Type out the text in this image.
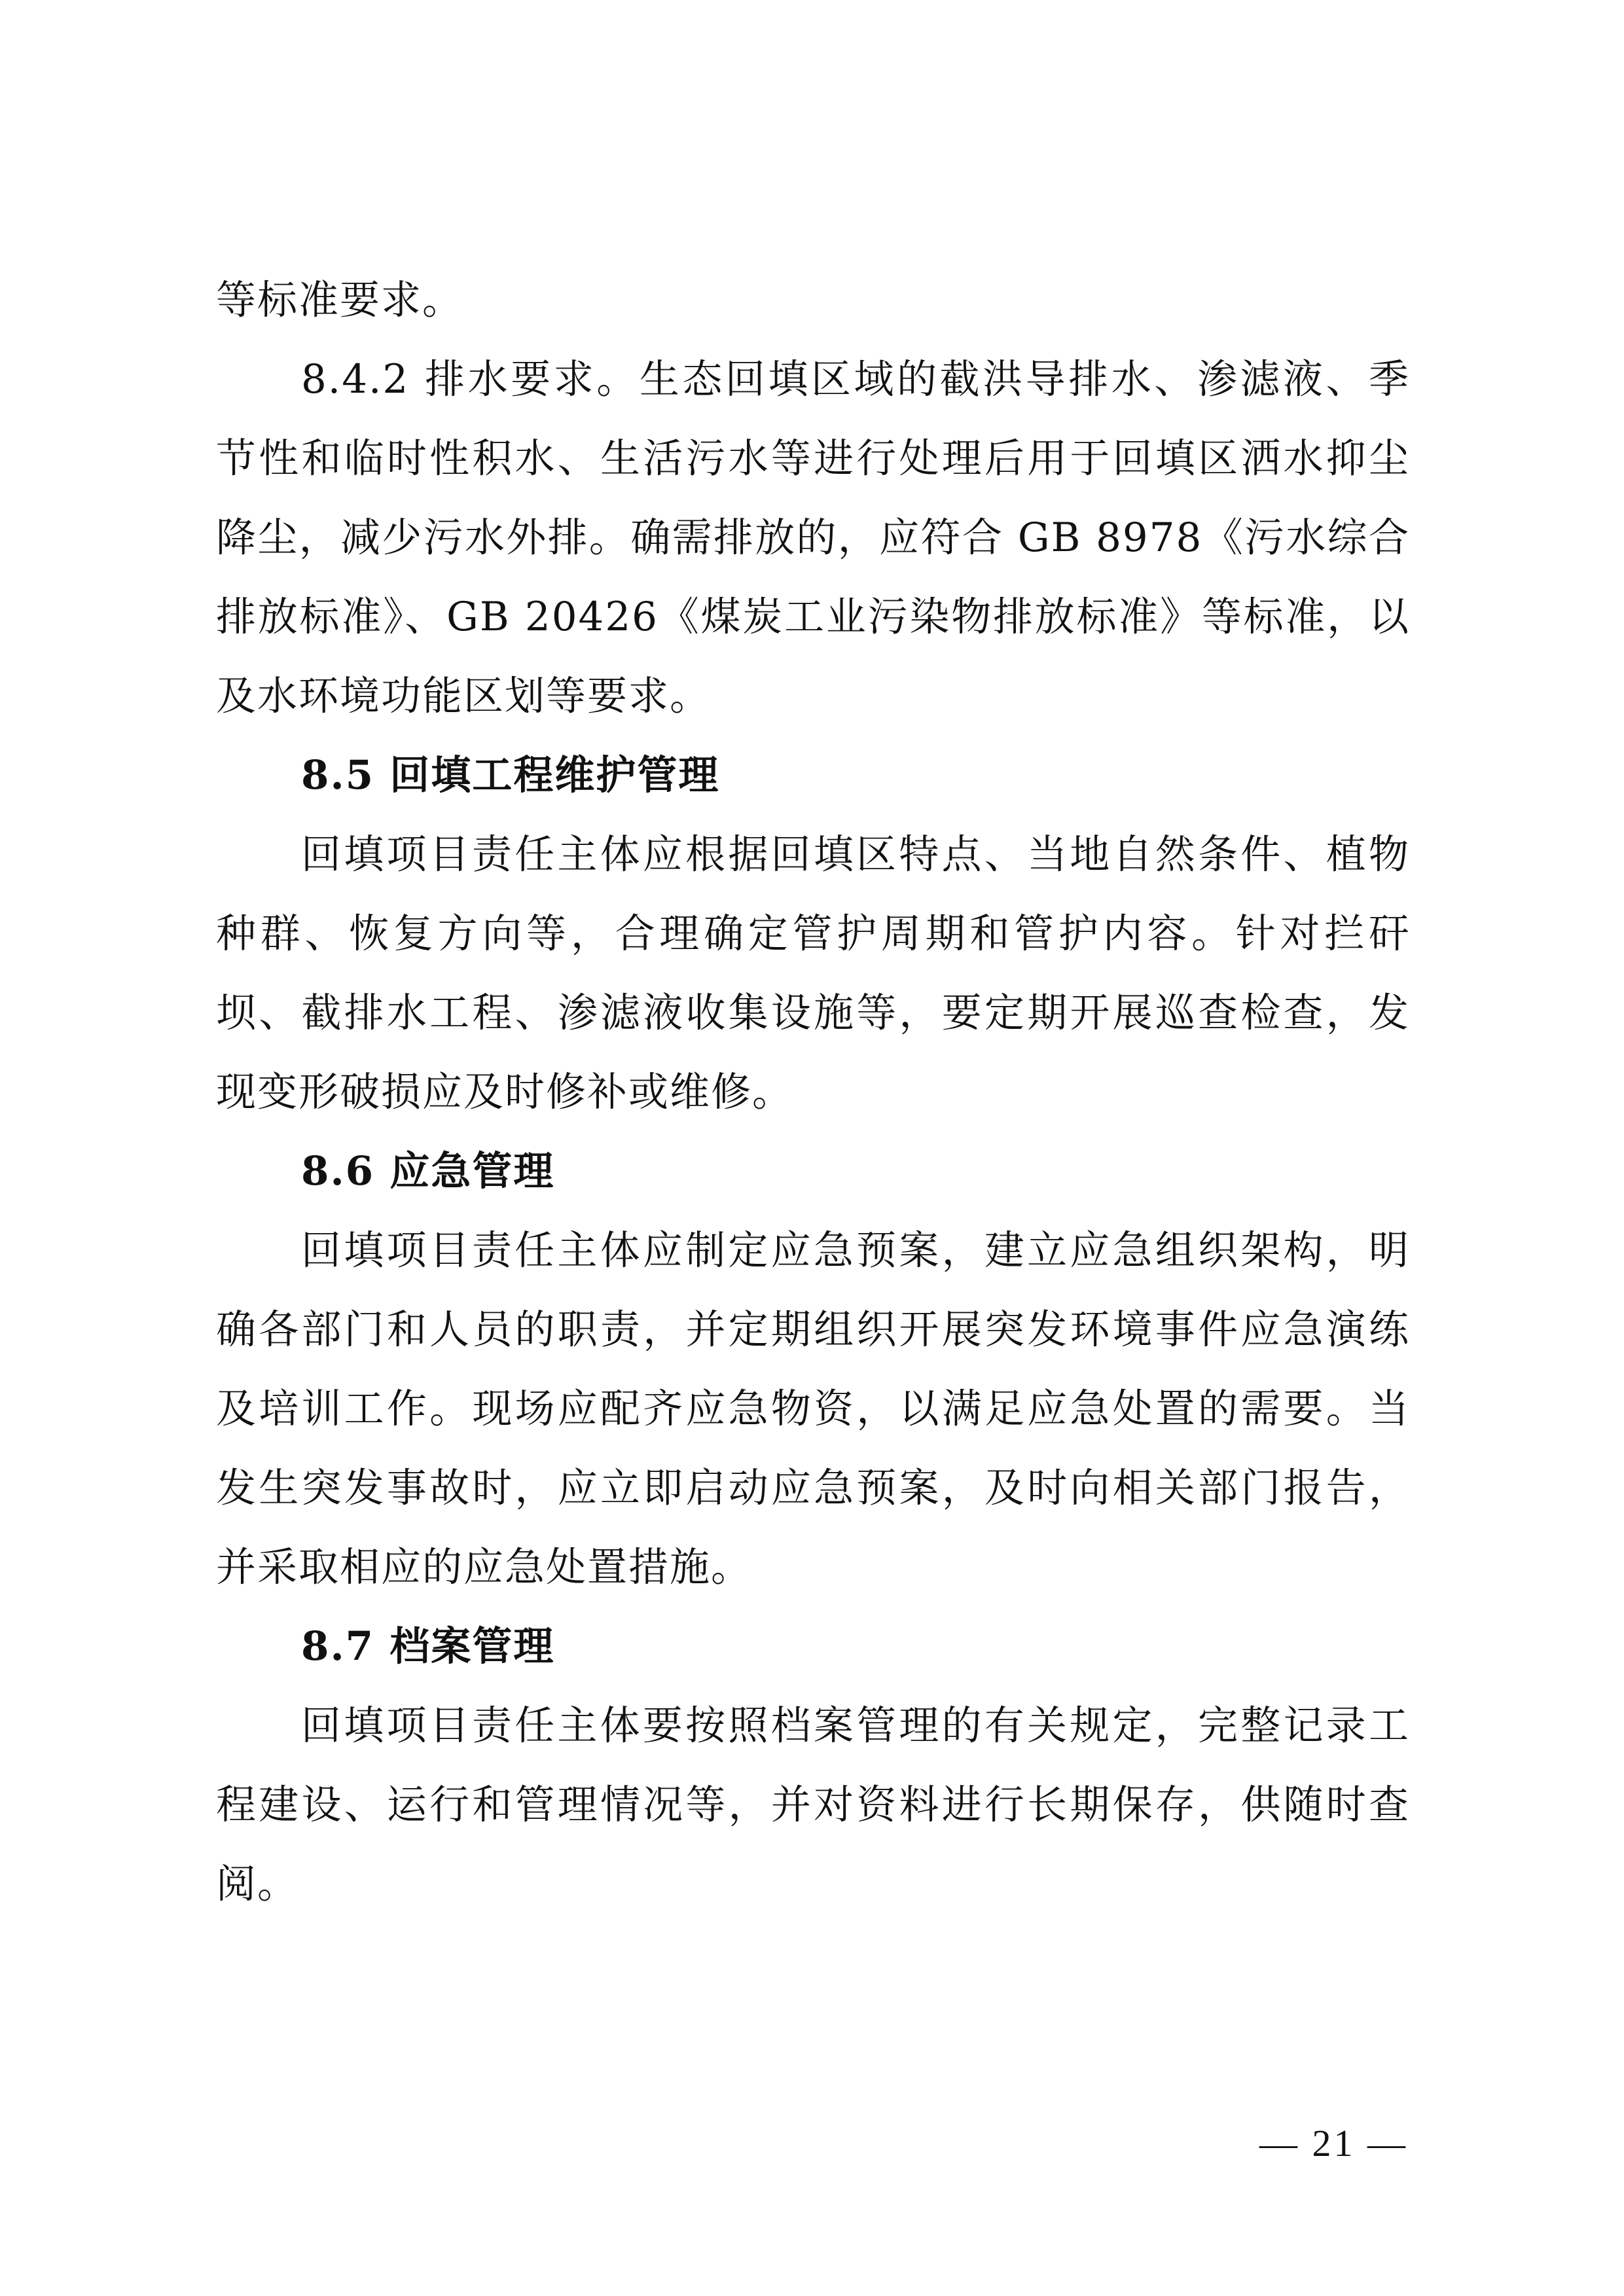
等标准要求。

8.4.2 排水要求。生态回填区域的截洪导排水、渗滤液、季节性和临时性积水、生活污水等进行处理后用于回填区洒水抑尘降尘，减少污水外排。确需排放的，应符合 GB 8978《污水综合排放标准》、GB 20426《煤炭工业污染物排放标准》等标准，以及水环境功能区划等要求。

8.5 回填工程维护管理

回填项目责任主体应根据回填区特点、当地自然条件、植物种群、恢复方向等，合理确定管护周期和管护内容。针对拦矸坝、截排水工程、渗滤液收集设施等，要定期开展巡查检查，发现变形破损应及时修补或维修。

8.6 应急管理

回填项目责任主体应制定应急预案，建立应急组织架构，明确各部门和人员的职责，并定期组织开展突发环境事件应急演练及培训工作。现场应配齐应急物资，以满足应急处置的需要。当发生突发事故时，应立即启动应急预案，及时向相关部门报告，并采取相应的应急处置措施。

8.7 档案管理

回填项目责任主体要按照档案管理的有关规定，完整记录工程建设、运行和管理情况等，并对资料进行长期保存，供随时查阅。

— 21 —
